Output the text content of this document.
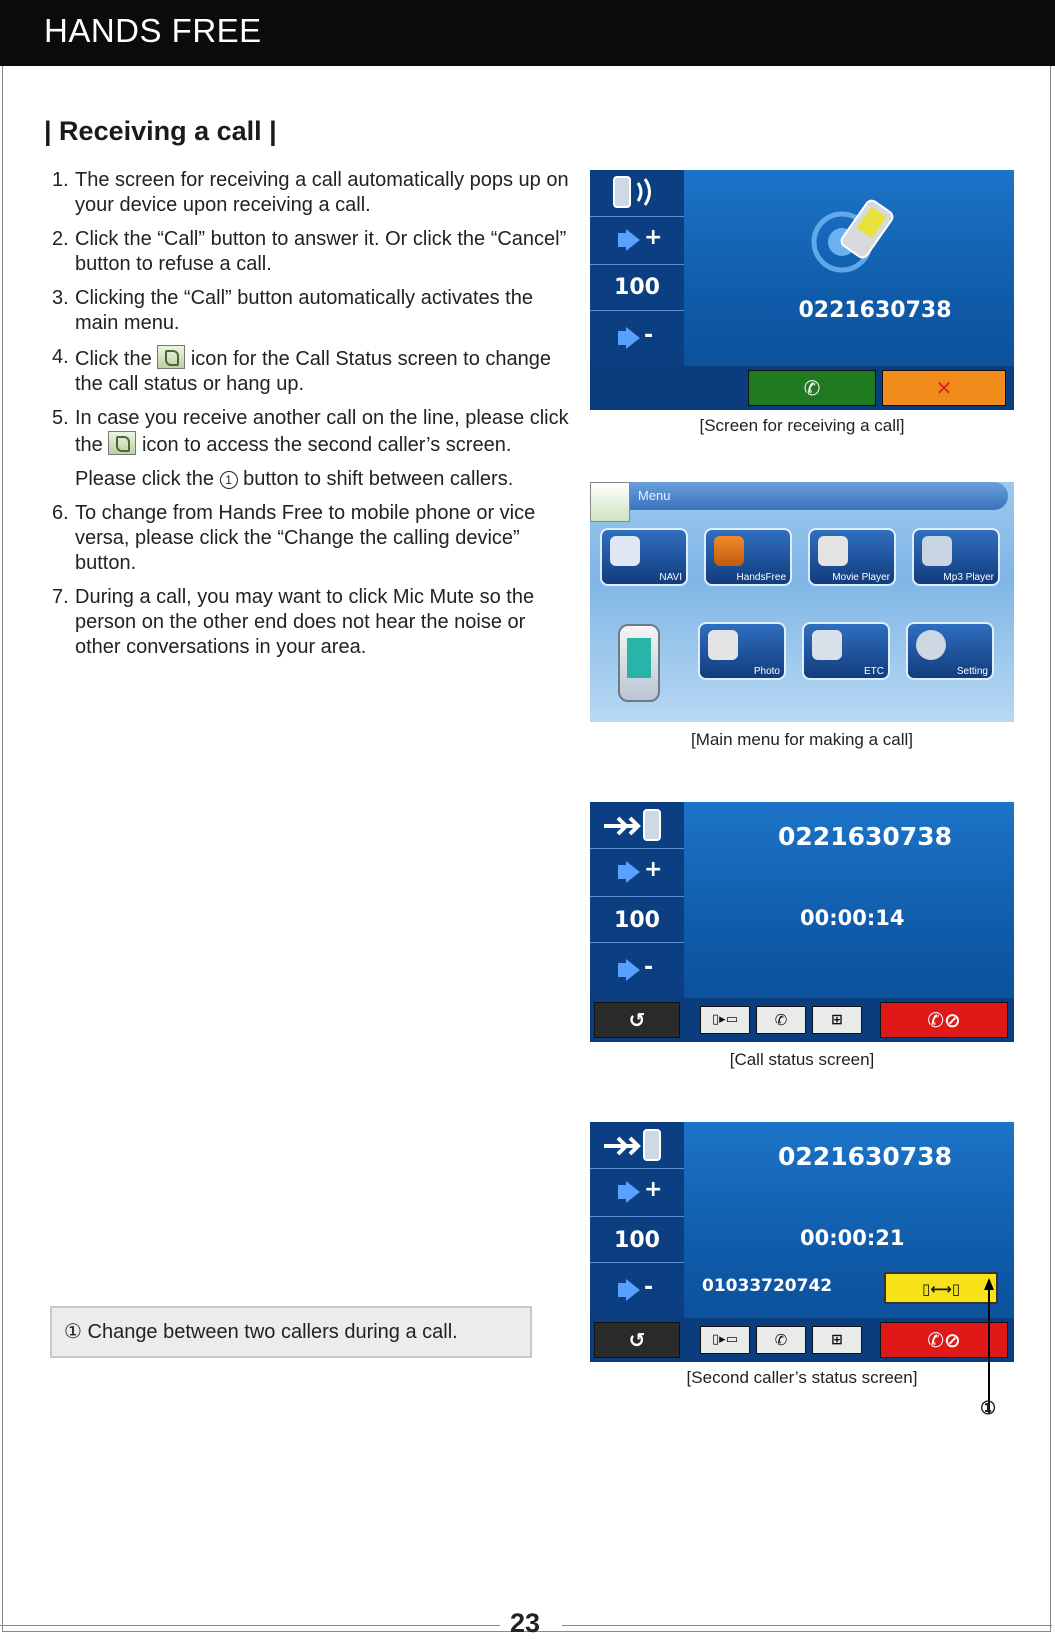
HANDS FREE
| Receiving a call |
1. The screen for receiving a call automatically pops up on your device upon receiving a call.
2. Click the “Call” button to answer it. Or click the “Cancel” button to refuse a call.
3. Clicking the “Call” button automatically activates the main menu.
4. Click the icon for the Call Status screen to change the call status or hang up.
5. In case you receive another call on the line, please click the icon to access the second caller’s screen.
Please click the 1 button to shift between callers.
6. To change from Hands Free to mobile phone or vice versa, please click the “Change the calling device” button.
7. During a call, you may want to click Mic Mute so the person on the other end does not hear the noise or other conversations in your area.
+
100
-
0221630738
✆	✕
[Screen for receiving a call]
Menu
NAVI	HandsFree	Movie Player	Mp3 Player
Photo	ETC	Setting
[Main menu for making a call]
+
100
-
0221630738
00:00:14
↺	▯▸▭	✆	⊞	✆⊘
[Call status screen]
+
100
-
0221630738
00:00:21
01033720742	▯⟷▯
↺	▯▸▭	✆	⊞	✆⊘
[Second caller’s status screen]
①
① Change between two callers during a call.
23
